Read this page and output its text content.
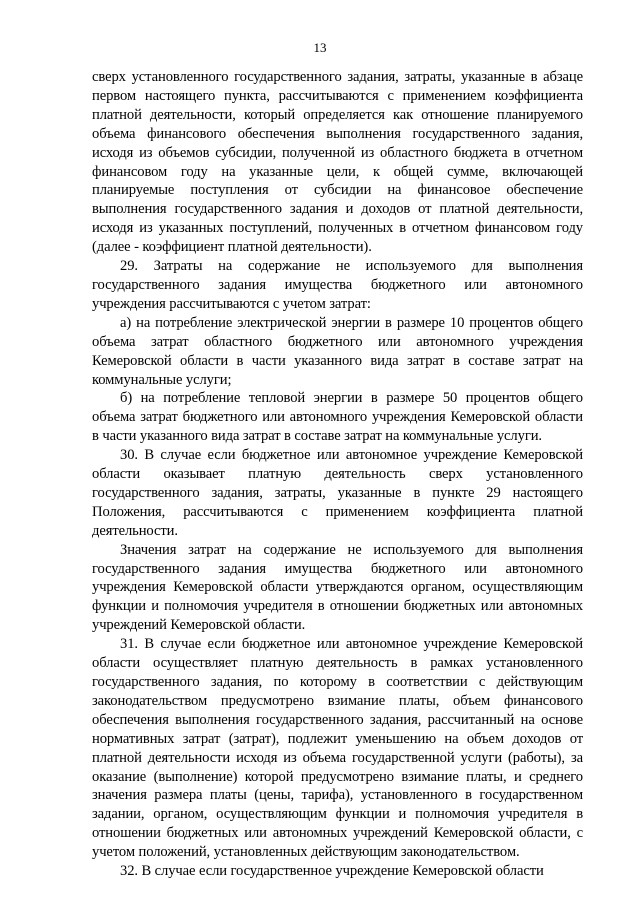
13

сверх установленного государственного задания, затраты, указанные в абзаце первом настоящего пункта, рассчитываются с применением коэффициента платной деятельности, который определяется как отношение планируемого объема финансового обеспечения выполнения государственного задания, исходя из объемов субсидии, полученной из областного бюджета в отчетном финансовом году на указанные цели, к общей сумме, включающей планируемые поступления от субсидии на финансовое обеспечение выполнения государственного задания и доходов от платной деятельности, исходя из указанных поступлений, полученных в отчетном финансовом году (далее - коэффициент платной деятельности).

29. Затраты на содержание не используемого для выполнения государственного задания имущества бюджетного или автономного учреждения рассчитываются с учетом затрат:

а) на потребление электрической энергии в размере 10 процентов общего объема затрат областного бюджетного или автономного учреждения Кемеровской области в части указанного вида затрат в составе затрат на коммунальные услуги;

б) на потребление тепловой энергии в размере 50 процентов общего объема затрат бюджетного или автономного учреждения Кемеровской области в части указанного вида затрат в составе затрат на коммунальные услуги.

30. В случае если бюджетное или автономное учреждение Кемеровской области оказывает платную деятельность сверх установленного государственного задания, затраты, указанные в пункте 29 настоящего Положения, рассчитываются с применением коэффициента платной деятельности.

Значения затрат на содержание не используемого для выполнения государственного задания имущества бюджетного или автономного учреждения Кемеровской области утверждаются органом, осуществляющим функции и полномочия учредителя в отношении бюджетных или автономных учреждений Кемеровской области.

31. В случае если бюджетное или автономное учреждение Кемеровской области осуществляет платную деятельность в рамках установленного государственного задания, по которому в соответствии с действующим законодательством предусмотрено взимание платы, объем финансового обеспечения выполнения государственного задания, рассчитанный на основе нормативных затрат (затрат), подлежит уменьшению на объем доходов от платной деятельности исходя из объема государственной услуги (работы), за оказание (выполнение) которой предусмотрено взимание платы, и среднего значения размера платы (цены, тарифа), установленного в государственном задании, органом, осуществляющим функции и полномочия учредителя в отношении бюджетных или автономных учреждений Кемеровской области, с учетом положений, установленных действующим законодательством.

32. В случае если государственное учреждение Кемеровской области
